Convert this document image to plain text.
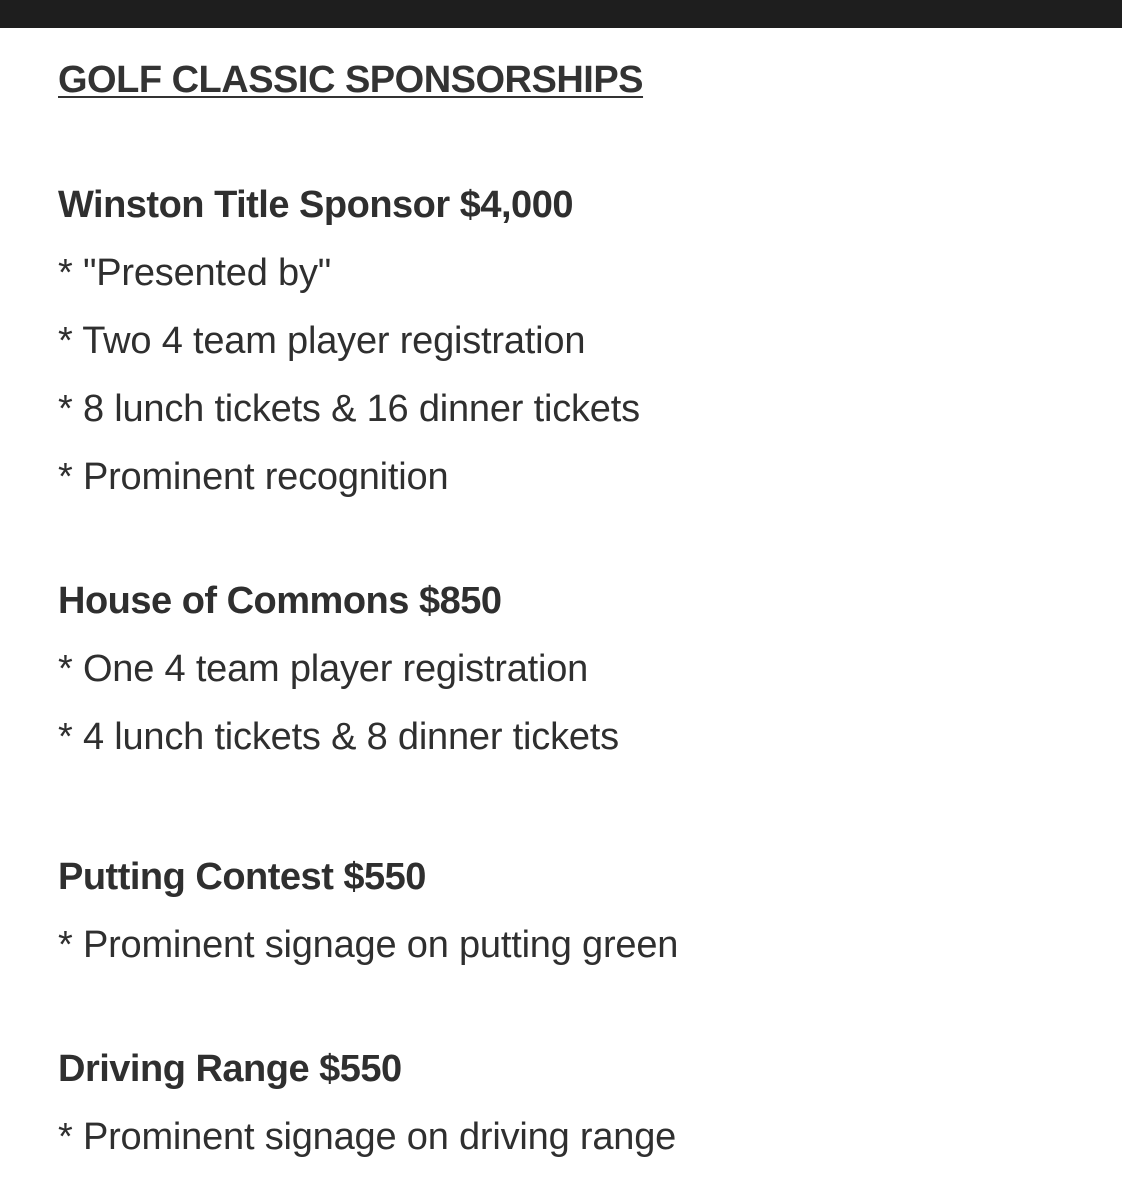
GOLF CLASSIC SPONSORSHIPS
Winston Title Sponsor $4,000
* "Presented by"
* Two 4 team player registration
* 8 lunch tickets & 16 dinner tickets
* Prominent recognition
House of Commons $850
* One 4 team player registration
* 4 lunch tickets & 8 dinner tickets
Putting Contest $550
* Prominent signage on putting green
Driving Range $550
* Prominent signage on driving range
